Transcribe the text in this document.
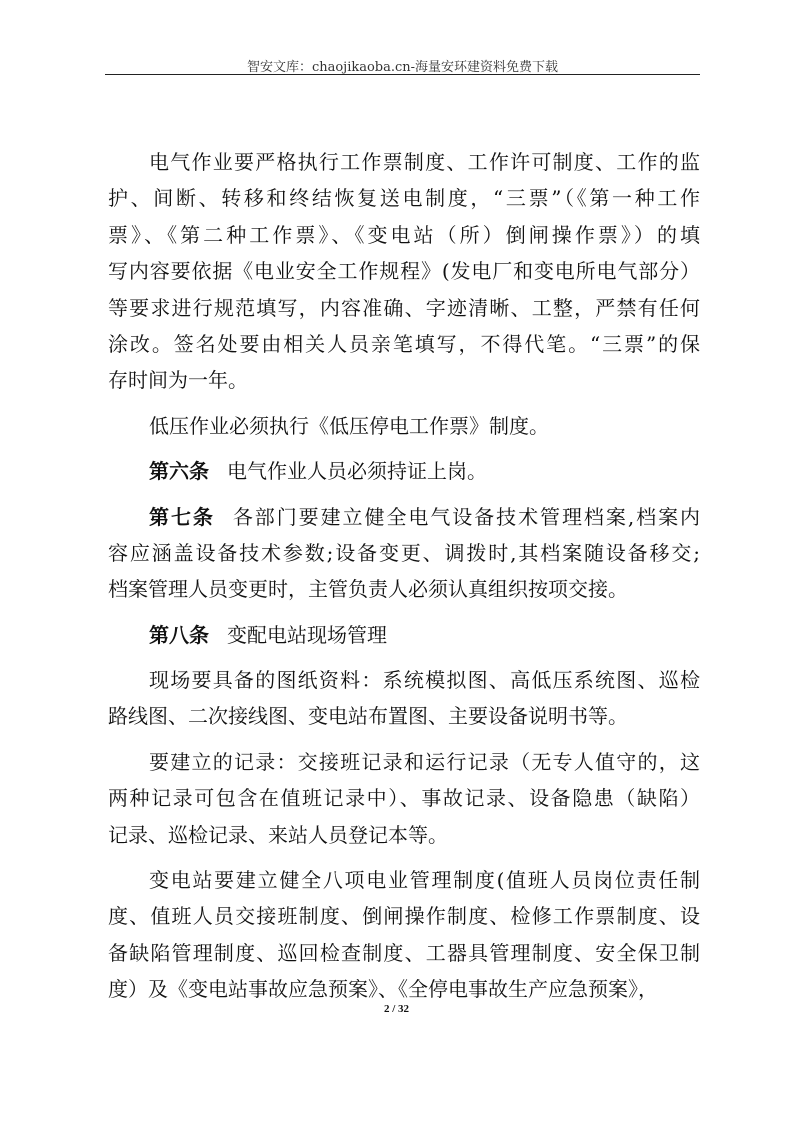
智安文库：chaojikaoba.cn-海量安环建资料免费下载
电气作业要严格执行工作票制度、工作许可制度、工作的监
护、间断、转移和终结恢复送电制度，“三票”（《第一种工作
票》、《第二种工作票》、《变电站（所）倒闸操作票》）的填
写内容要依据《电业安全工作规程》(发电厂和变电所电气部分）
等要求进行规范填写，内容准确、字迹清晰、工整，严禁有任何
涂改。签名处要由相关人员亲笔填写，不得代笔。“三票”的保
存时间为一年。
低压作业必须执行《低压停电工作票》制度。
第六条 电气作业人员必须持证上岗。
第七条 各部门要建立健全电气设备技术管理档案,档案内
容应涵盖设备技术参数;设备变更、调拨时,其档案随设备移交;
档案管理人员变更时，主管负责人必须认真组织按项交接。
第八条 变配电站现场管理
现场要具备的图纸资料：系统模拟图、高低压系统图、巡检
路线图、二次接线图、变电站布置图、主要设备说明书等。
要建立的记录：交接班记录和运行记录（无专人值守的，这
两种记录可包含在值班记录中）、事故记录、设备隐患（缺陷）
记录、巡检记录、来站人员登记本等。
变电站要建立健全八项电业管理制度(值班人员岗位责任制
度、值班人员交接班制度、倒闸操作制度、检修工作票制度、设
备缺陷管理制度、巡回检查制度、工器具管理制度、安全保卫制
度）及《变电站事故应急预案》、《全停电事故生产应急预案》，
2 / 32
